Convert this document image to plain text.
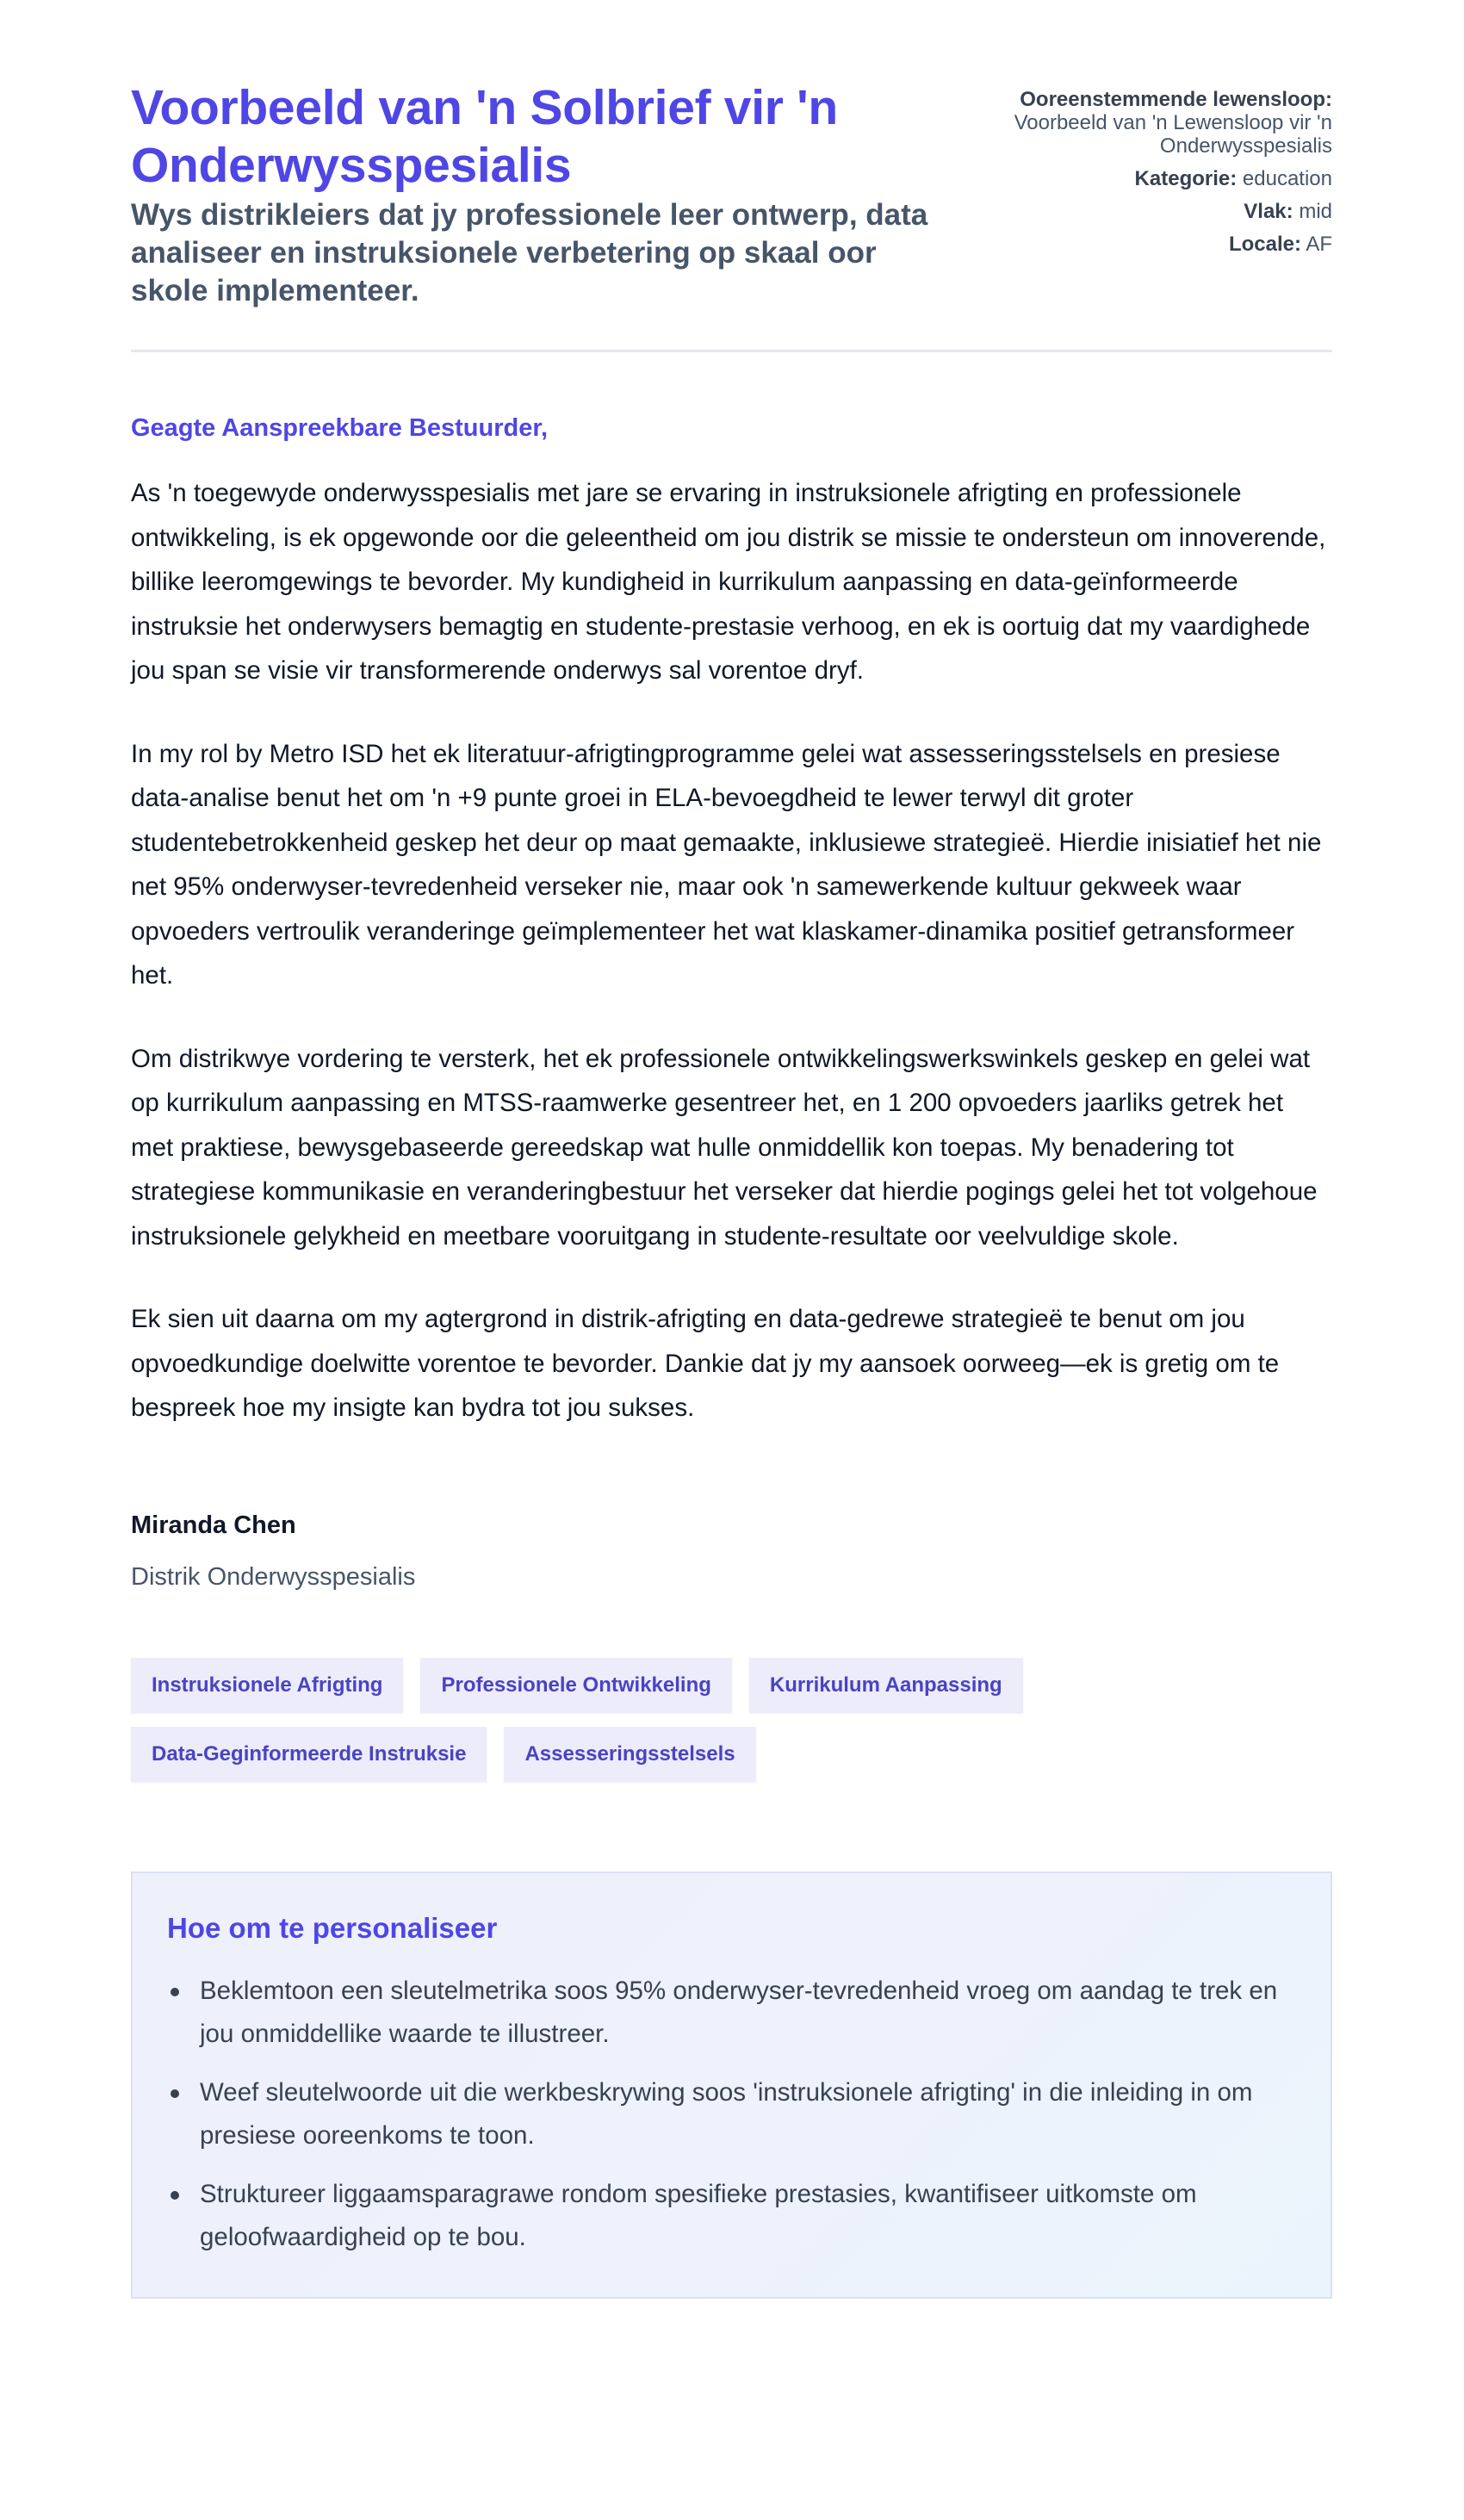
Voorbeeld van 'n Solbrief vir 'n Onderwysspesialis
Wys distrikleiers dat jy professionele leer ontwerp, data analiseer en instruksionele verbetering op skaal oor skole implementeer.
Ooreenstemmende lewensloop:
Voorbeeld van 'n Lewensloop vir 'n Onderwysspesialis
Kategorie: education
Vlak: mid
Locale: AF

Geagte Aanspreekbare Bestuurder,

As 'n toegewyde onderwysspesialis met jare se ervaring in instruksionele afrigting en professionele ontwikkeling, is ek opgewonde oor die geleentheid om jou distrik se missie te ondersteun om innoverende, billike leeromgewings te bevorder. My kundigheid in kurrikulum aanpassing en data-geïnformeerde instruksie het onderwysers bemagtig en studente-prestasie verhoog, en ek is oortuig dat my vaardighede jou span se visie vir transformerende onderwys sal vorentoe dryf.

In my rol by Metro ISD het ek literatuur-afrigtingprogramme gelei wat assesseringsstelsels en presiese data-analise benut het om 'n +9 punte groei in ELA-bevoegdheid te lewer terwyl dit groter studentebetrokkenheid geskep het deur op maat gemaakte, inklusiewe strategieë. Hierdie inisiatief het nie net 95% onderwyser-tevredenheid verseker nie, maar ook 'n samewerkende kultuur gekweek waar opvoeders vertroulik veranderinge geïmplementeer het wat klaskamer-dinamika positief getransformeer het.

Om distrikwye vordering te versterk, het ek professionele ontwikkelingswerkswinkels geskep en gelei wat op kurrikulum aanpassing en MTSS-raamwerke gesentreer het, en 1 200 opvoeders jaarliks getrek het met praktiese, bewysgebaseerde gereedskap wat hulle onmiddellik kon toepas. My benadering tot strategiese kommunikasie en veranderingbestuur het verseker dat hierdie pogings gelei het tot volgehoue instruksionele gelykheid en meetbare vooruitgang in studente-resultate oor veelvuldige skole.

Ek sien uit daarna om my agtergrond in distrik-afrigting en data-gedrewe strategieë te benut om jou opvoedkundige doelwitte vorentoe te bevorder. Dankie dat jy my aansoek oorweeg—ek is gretig om te bespreek hoe my insigte kan bydra tot jou sukses.

Miranda Chen
Distrik Onderwysspesialis
Instruksionele Afrigting	Professionele Ontwikkeling	Kurrikulum Aanpassing
Data-Geginformeerde Instruksie	Assesseringsstelsels
Hoe om te personaliseer
Beklemtoon een sleutelmetrika soos 95% onderwyser-tevredenheid vroeg om aandag te trek en jou onmiddellike waarde te illustreer.
Weef sleutelwoorde uit die werkbeskrywing soos 'instruksionele afrigting' in die inleiding in om presiese ooreenkoms te toon.
Struktureer liggaamsparagrawe rondom spesifieke prestasies, kwantifiseer uitkomste om geloofwaardigheid op te bou.
